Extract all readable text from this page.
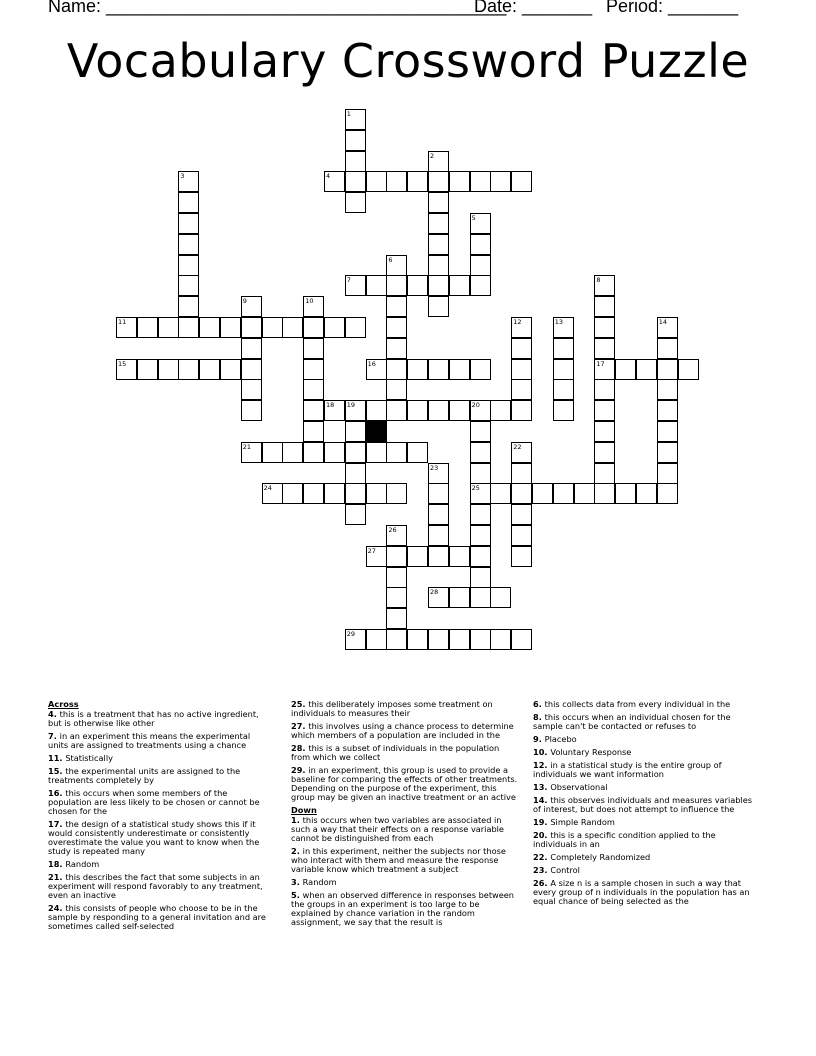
Name: ________________________________________
Date: _______ Period: _______
Vocabulary Crossword Puzzle
1
2
3	4
5
6
7	8
9	10
11	12	13	14
15	16	17
18 19	20
21	22
23
24	25
26
27
28
29
Across
4. this is a treatment that has no active ingredient, but is otherwise like other
7. in an experiment this means the experimental units are assigned to treatments using a chance
11. Statistically
15. the experimental units are assigned to the treatments completely by
16. this occurs when some members of the population are less likely to be chosen or cannot be chosen for the
17. the design of a statistical study shows this if it would consistently underestimate or consistently overestimate the value you want to know when the study is repeated many
18. Random
21. this describes the fact that some subjects in an experiment will respond favorably to any treatment, even an inactive
24. this consists of people who choose to be in the sample by responding to a general invitation and are sometimes called self-selected
25. this deliberately imposes some treatment on individuals to measures their
27. this involves using a chance process to determine which members of a population are included in the
28. this is a subset of individuals in the population from which we collect
29. in an experiment, this group is used to provide a baseline for comparing the effects of other treatments. Depending on the purpose of the experiment, this group may be given an inactive treatment or an active
Down
1. this occurs when two variables are associated in such a way that their effects on a response variable cannot be distinguished from each
2. in this experiment, neither the subjects nor those who interact with them and measure the response variable know which treatment a subject
3. Random
5. when an observed difference in responses between the groups in an experiment is too large to be explained by chance variation in the random assignment, we say that the result is
6. this collects data from every individual in the
8. this occurs when an individual chosen for the sample can't be contacted or refuses to
9. Placebo
10. Voluntary Response
12. in a statistical study is the entire group of individuals we want information
13. Observational
14. this observes individuals and measures variables of interest, but does not attempt to influence the
19. Simple Random
20. this is a specific condition applied to the individuals in an
22. Completely Randomized
23. Control
26. A size n is a sample chosen in such a way that every group of n individuals in the population has an equal chance of being selected as the
